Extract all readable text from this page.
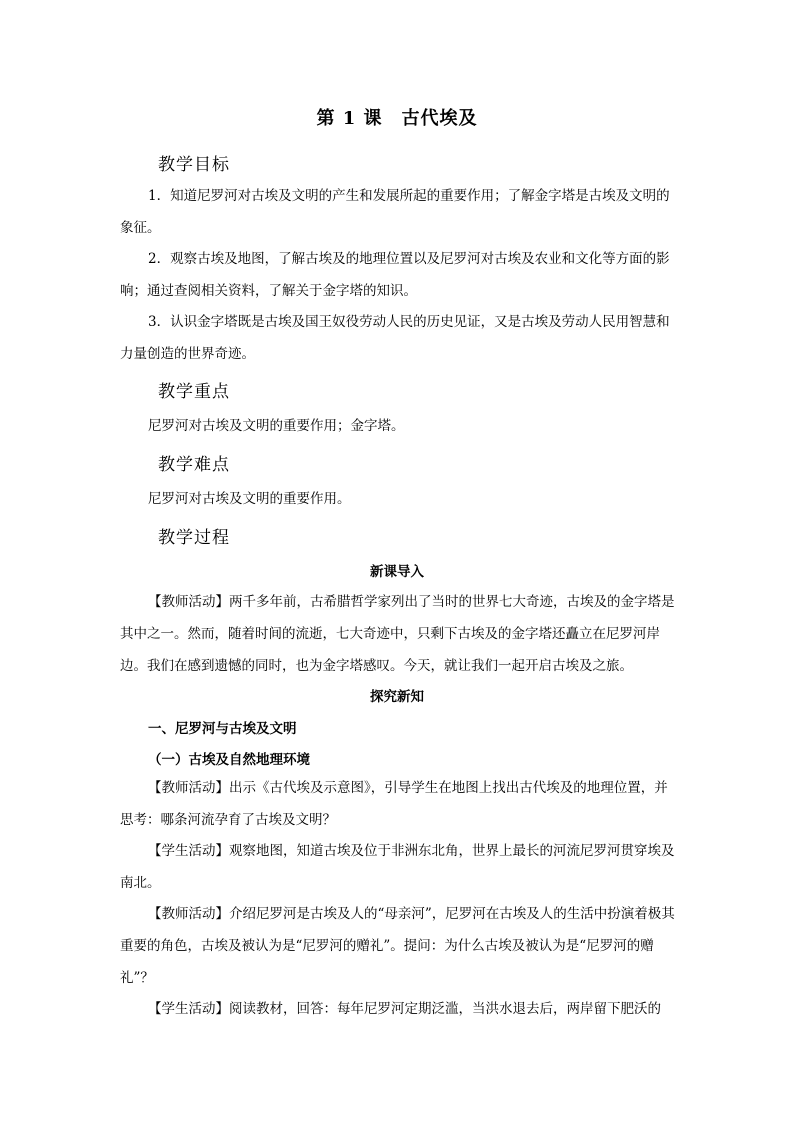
第 1 课　古代埃及
教学目标
1．知道尼罗河对古埃及文明的产生和发展所起的重要作用；了解金字塔是古埃及文明的象征。
2．观察古埃及地图，了解古埃及的地理位置以及尼罗河对古埃及农业和文化等方面的影响；通过查阅相关资料，了解关于金字塔的知识。
3．认识金字塔既是古埃及国王奴役劳动人民的历史见证，又是古埃及劳动人民用智慧和力量创造的世界奇迹。
教学重点
尼罗河对古埃及文明的重要作用；金字塔。
教学难点
尼罗河对古埃及文明的重要作用。
教学过程
新课导入
【教师活动】两千多年前，古希腊哲学家列出了当时的世界七大奇迹，古埃及的金字塔是其中之一。然而，随着时间的流逝，七大奇迹中，只剩下古埃及的金字塔还矗立在尼罗河岸边。我们在感到遗憾的同时，也为金字塔感叹。今天，就让我们一起开启古埃及之旅。
探究新知
一、尼罗河与古埃及文明
（一）古埃及自然地理环境
【教师活动】出示《古代埃及示意图》，引导学生在地图上找出古代埃及的地理位置，并思考：哪条河流孕育了古埃及文明？
【学生活动】观察地图，知道古埃及位于非洲东北角，世界上最长的河流尼罗河贯穿埃及南北。
【教师活动】介绍尼罗河是古埃及人的“母亲河”，尼罗河在古埃及人的生活中扮演着极其重要的角色，古埃及被认为是“尼罗河的赠礼”。提问：为什么古埃及被认为是“尼罗河的赠礼”？
【学生活动】阅读教材，回答：每年尼罗河定期泛滥，当洪水退去后，两岸留下肥沃的
